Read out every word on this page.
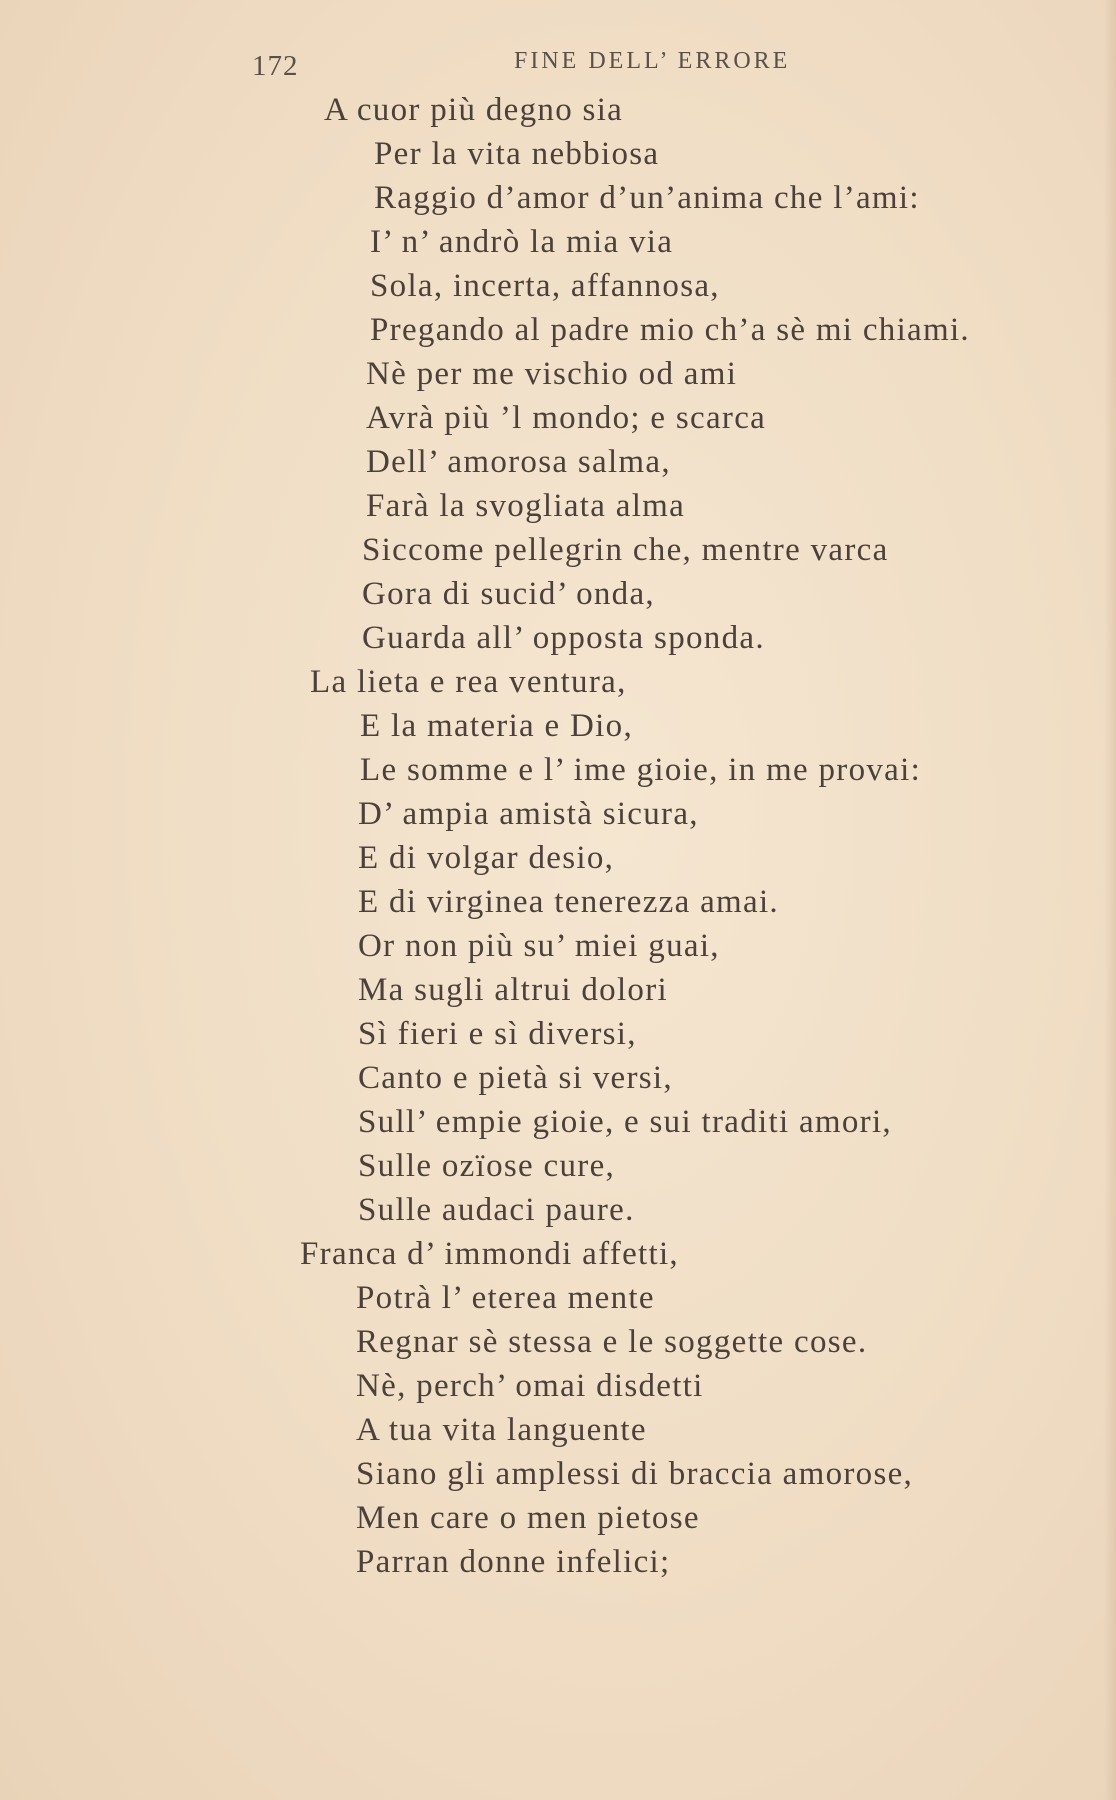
172	FINE DELL’ ERRORE
A cuor più degno sia
Per la vita nebbiosa
Raggio d’amor d’un’anima che l’ami:
I’ n’ andrò la mia via
Sola, incerta, affannosa,
Pregando al padre mio ch’a sè mi chiami.
Nè per me vischio od ami
Avrà più ’l mondo; e scarca
Dell’ amorosa salma,
Farà la svogliata alma
Siccome pellegrin che, mentre varca
Gora di sucid’ onda,
Guarda all’ opposta sponda.
La lieta e rea ventura,
E la materia e Dio,
Le somme e l’ ime gioie, in me provai:
D’ ampia amistà sicura,
E di volgar desio,
E di virginea tenerezza amai.
Or non più su’ miei guai,
Ma sugli altrui dolori
Sì fieri e sì diversi,
Canto e pietà si versi,
Sull’ empie gioie, e sui traditi amori,
Sulle ozïose cure,
Sulle audaci paure.
Franca d’ immondi affetti,
Potrà l’ eterea mente
Regnar sè stessa e le soggette cose.
Nè, perch’ omai disdetti
A tua vita languente
Siano gli amplessi di braccia amorose,
Men care o men pietose
Parran donne infelici;
